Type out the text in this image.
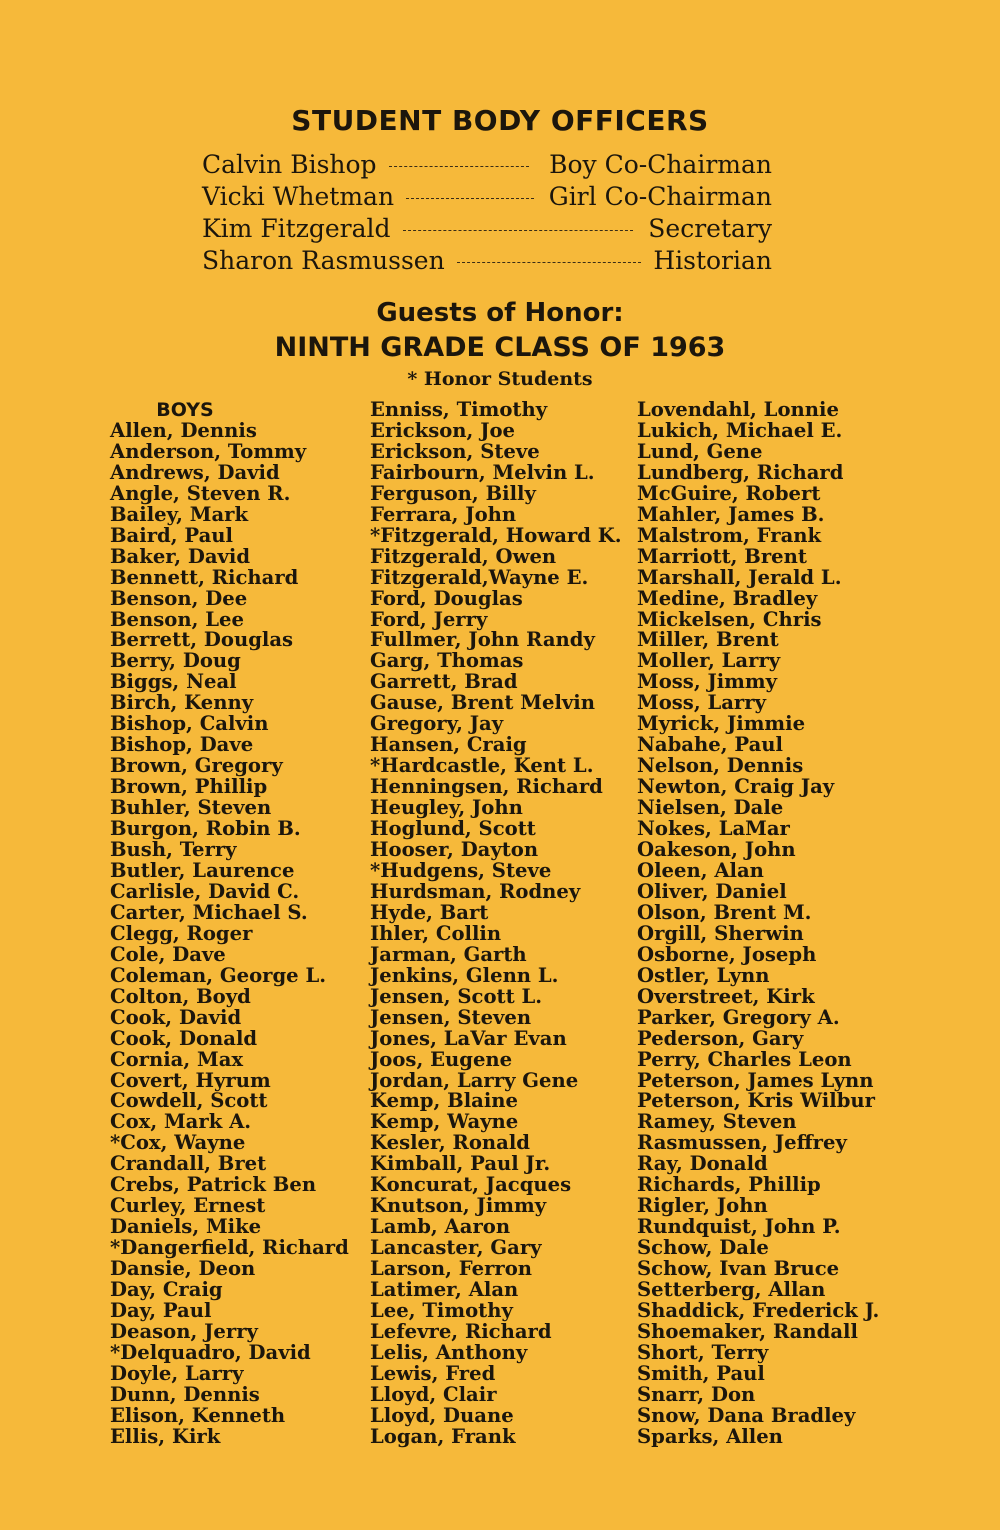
STUDENT BODY OFFICERS
Calvin Bishop	Boy Co-Chairman
Vicki Whetman	Girl Co-Chairman
Kim Fitzgerald	Secretary
Sharon Rasmussen	Historian
Guests of Honor:
NINTH GRADE CLASS OF 1963
* Honor Students
BOYS
Allen, Dennis
Anderson, Tommy
Andrews, David
Angle, Steven R.
Bailey, Mark
Baird, Paul
Baker, David
Bennett, Richard
Benson, Dee
Benson, Lee
Berrett, Douglas
Berry, Doug
Biggs, Neal
Birch, Kenny
Bishop, Calvin
Bishop, Dave
Brown, Gregory
Brown, Phillip
Buhler, Steven
Burgon, Robin B.
Bush, Terry
Butler, Laurence
Carlisle, David C.
Carter, Michael S.
Clegg, Roger
Cole, Dave
Coleman, George L.
Colton, Boyd
Cook, David
Cook, Donald
Cornia, Max
Covert, Hyrum
Cowdell, Scott
Cox, Mark A.
*Cox, Wayne
Crandall, Bret
Crebs, Patrick Ben
Curley, Ernest
Daniels, Mike
*Dangerfield, Richard
Dansie, Deon
Day, Craig
Day, Paul
Deason, Jerry
*Delquadro, David
Doyle, Larry
Dunn, Dennis
Elison, Kenneth
Ellis, Kirk
Enniss, Timothy
Erickson, Joe
Erickson, Steve
Fairbourn, Melvin L.
Ferguson, Billy
Ferrara, John
*Fitzgerald, Howard K.
Fitzgerald, Owen
Fitzgerald,Wayne E.
Ford, Douglas
Ford, Jerry
Fullmer, John Randy
Garg, Thomas
Garrett, Brad
Gause, Brent Melvin
Gregory, Jay
Hansen, Craig
*Hardcastle, Kent L.
Henningsen, Richard
Heugley, John
Hoglund, Scott
Hooser, Dayton
*Hudgens, Steve
Hurdsman, Rodney
Hyde, Bart
Ihler, Collin
Jarman, Garth
Jenkins, Glenn L.
Jensen, Scott L.
Jensen, Steven
Jones, LaVar Evan
Joos, Eugene
Jordan, Larry Gene
Kemp, Blaine
Kemp, Wayne
Kesler, Ronald
Kimball, Paul Jr.
Koncurat, Jacques
Knutson, Jimmy
Lamb, Aaron
Lancaster, Gary
Larson, Ferron
Latimer, Alan
Lee, Timothy
Lefevre, Richard
Lelis, Anthony
Lewis, Fred
Lloyd, Clair
Lloyd, Duane
Logan, Frank
Lovendahl, Lonnie
Lukich, Michael E.
Lund, Gene
Lundberg, Richard
McGuire, Robert
Mahler, James B.
Malstrom, Frank
Marriott, Brent
Marshall, Jerald L.
Medine, Bradley
Mickelsen, Chris
Miller, Brent
Moller, Larry
Moss, Jimmy
Moss, Larry
Myrick, Jimmie
Nabahe, Paul
Nelson, Dennis
Newton, Craig Jay
Nielsen, Dale
Nokes, LaMar
Oakeson, John
Oleen, Alan
Oliver, Daniel
Olson, Brent M.
Orgill, Sherwin
Osborne, Joseph
Ostler, Lynn
Overstreet, Kirk
Parker, Gregory A.
Pederson, Gary
Perry, Charles Leon
Peterson, James Lynn
Peterson, Kris Wilbur
Ramey, Steven
Rasmussen, Jeffrey
Ray, Donald
Richards, Phillip
Rigler, John
Rundquist, John P.
Schow, Dale
Schow, Ivan Bruce
Setterberg, Allan
Shaddick, Frederick J.
Shoemaker, Randall
Short, Terry
Smith, Paul
Snarr, Don
Snow, Dana Bradley
Sparks, Allen
